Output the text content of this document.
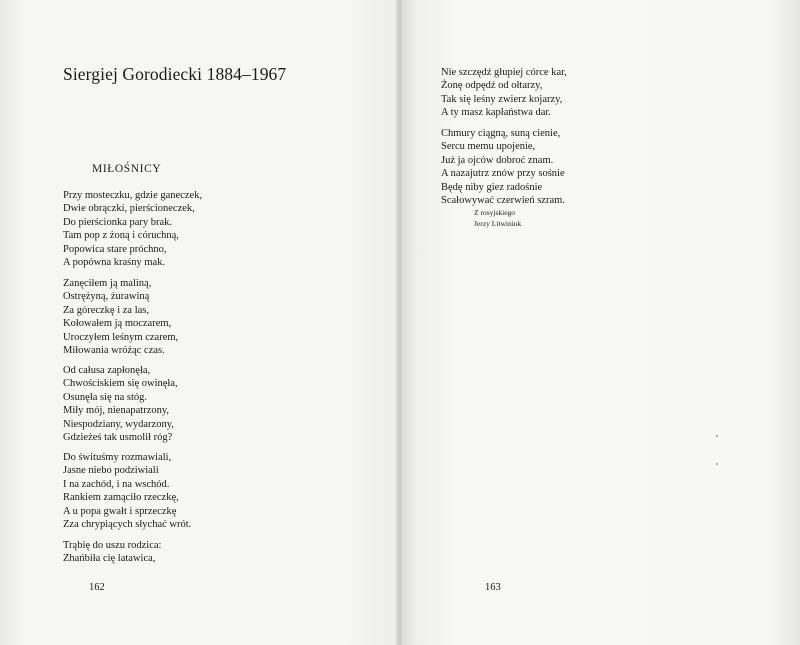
Siergiej Gorodiecki 1884–1967
MIŁOŚNICY
Przy mosteczku, gdzie ganeczek,
Dwie obrączki, pierścioneczek,
Do pierścionka pary brak.
Tam pop z żoną i córuchną,
Popowica stare próchno,
A popówna kraśny mak.
Zanęciłem ją maliną,
Ostrężyną, żurawiną
Za góreczkę i za las,
Kołowałem ją moczarem,
Uroczyłem leśnym czarem,
Miłowania wróżąc czas.
Od całusa zapłonęła,
Chwościskiem się owinęła,
Osunęła się na stóg.
Miły mój, nienapatrzony,
Niespodziany, wydarzony,
Gdzieżeś tak usmolił róg?
Do śwituśmy rozmawiali,
Jasne niebo podziwiali
I na zachód, i na wschód.
Rankiem zamąciło rzeczkę,
A u popa gwałt i sprzeczkę
Zza chrypiących słychać wrót.
Trąbię do uszu rodzica:
Zhańbiła cię latawica,
162
Nie szczędź głupiej córce kar,
Żonę odpędź od ołtarzy,
Tak się leśny zwierz kojarzy,
A ty masz kapłaństwa dar.
Chmury ciągną, suną cienie,
Sercu memu upojenie,
Już ja ojców dobroć znam.
A nazajutrz znów przy sośnie
Będę niby giez radośnie
Scałowywać czerwień szram.
Z rosyjskiego
Jerzy Litwiniuk
163
